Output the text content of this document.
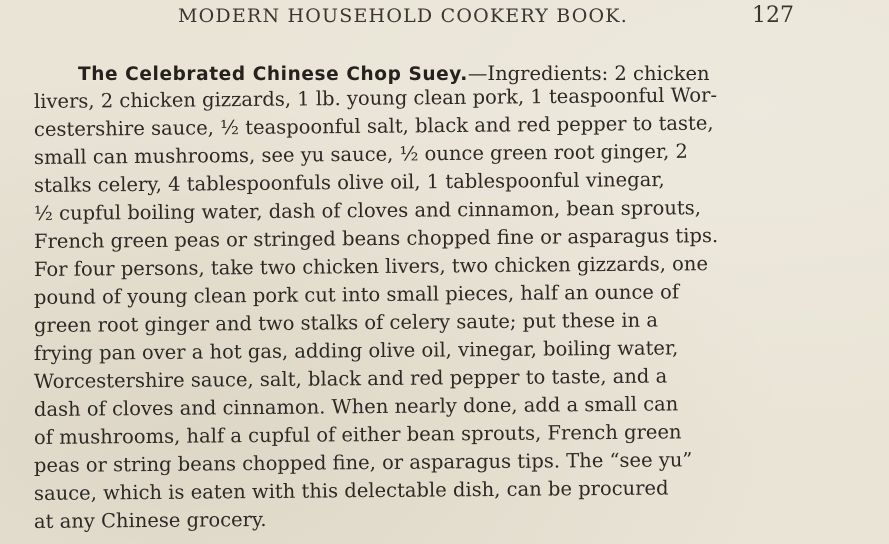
MODERN HOUSEHOLD COOKERY BOOK.	127
The Celebrated Chinese Chop Suey.—Ingredients: 2 chicken
livers, 2 chicken gizzards, 1 lb. young clean pork, 1 teaspoonful Wor-
cestershire sauce, ½ teaspoonful salt, black and red pepper to taste,
small can mushrooms, see yu sauce, ½ ounce green root ginger, 2
stalks celery, 4 tablespoonfuls olive oil, 1 tablespoonful vinegar,
½ cupful boiling water, dash of cloves and cinnamon, bean sprouts,
French green peas or stringed beans chopped fine or asparagus tips.
For four persons, take two chicken livers, two chicken gizzards, one
pound of young clean pork cut into small pieces, half an ounce of
green root ginger and two stalks of celery saute; put these in a
frying pan over a hot gas, adding olive oil, vinegar, boiling water,
Worcestershire sauce, salt, black and red pepper to taste, and a
dash of cloves and cinnamon. When nearly done, add a small can
of mushrooms, half a cupful of either bean sprouts, French green
peas or string beans chopped fine, or asparagus tips. The “see yu”
sauce, which is eaten with this delectable dish, can be procured
at any Chinese grocery.
